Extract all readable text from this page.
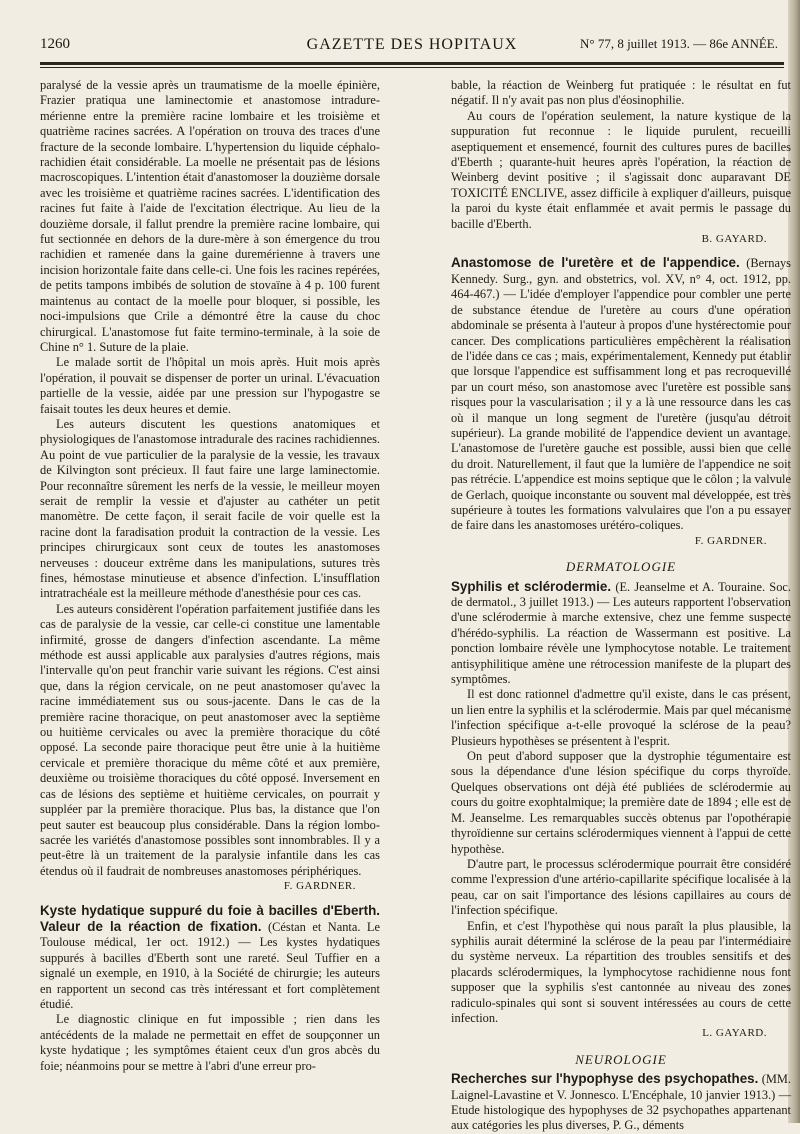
GAZETTE DES HOPITAUX
1260	N° 77, 8 juillet 1913. — 86e ANNÉE.

paralysé de la vessie après un traumatisme de la moelle épinière, Frazier pratiqua une laminectomie et anastomose intradure-mérienne entre la première racine lombaire et les troisième et quatrième racines sacrées. A l'opération on trouva des traces d'une fracture de la seconde lombaire. L'hypertension du liquide céphalo-rachidien était considérable. La moelle ne présentait pas de lésions macroscopiques. L'intention était d'anastomoser la douzième dorsale avec les troisième et quatrième racines sacrées. L'identification des racines fut faite à l'aide de l'excitation électrique. Au lieu de la douzième dorsale, il fallut prendre la première racine lombaire, qui fut sectionnée en dehors de la dure-mère à son émergence du trou rachidien et ramenée dans la gaine duremérienne à travers une incision horizontale faite dans celle-ci. Une fois les racines repérées, de petits tampons imbibés de solution de stovaïne à 4 p. 100 furent maintenus au contact de la moelle pour bloquer, si possible, les noci-impulsions que Crile a démontré être la cause du choc chirurgical. L'anastomose fut faite termino-terminale, à la soie de Chine n° 1. Suture de la plaie.

Le malade sortit de l'hôpital un mois après. Huit mois après l'opération, il pouvait se dispenser de porter un urinal. L'évacuation partielle de la vessie, aidée par une pression sur l'hypogastre se faisait toutes les deux heures et demie.

Les auteurs discutent les questions anatomiques et physiologiques de l'anastomose intradurale des racines rachidiennes. Au point de vue particulier de la paralysie de la vessie, les travaux de Kilvington sont précieux. Il faut faire une large laminectomie. Pour reconnaître sûrement les nerfs de la vessie, le meilleur moyen serait de remplir la vessie et d'ajuster au cathéter un petit manomètre. De cette façon, il serait facile de voir quelle est la racine dont la faradisation produit la contraction de la vessie. Les principes chirurgicaux sont ceux de toutes les anastomoses nerveuses : douceur extrême dans les manipulations, sutures très fines, hémostase minutieuse et absence d'infection. L'insufflation intratrachéale est la meilleure méthode d'anesthésie pour ces cas.

Les auteurs considèrent l'opération parfaitement justifiée dans les cas de paralysie de la vessie, car celle-ci constitue une lamentable infirmité, grosse de dangers d'infection ascendante. La même méthode est aussi applicable aux paralysies d'autres régions, mais l'intervalle qu'on peut franchir varie suivant les régions. C'est ainsi que, dans la région cervicale, on ne peut anastomoser qu'avec la racine immédiatement sus ou sous-jacente. Dans le cas de la première racine thoracique, on peut anastomoser avec la septième ou huitième cervicales ou avec la première thoracique du côté opposé. La seconde paire thoracique peut être unie à la huitième cervicale et première thoracique du même côté et aux première, deuxième ou troisième thoraciques du côté opposé. Inversement en cas de lésions des septième et huitième cervicales, on pourrait y suppléer par la première thoracique. Plus bas, la distance que l'on peut sauter est beaucoup plus considérable. Dans la région lombo-sacrée les variétés d'anastomose possibles sont innombrables. Il y a peut-être là un traitement de la paralysie infantile dans les cas étendus où il faudrait de nombreuses anastomoses périphériques.

F. GARDNER.

Kyste hydatique suppuré du foie à bacilles d'Eberth. Valeur de la réaction de fixation. (Céstan et Nanta. Le Toulouse médical, 1er oct. 1912.) — Les kystes hydatiques suppurés à bacilles d'Eberth sont une rareté. Seul Tuffier en a signalé un exemple, en 1910, à la Société de chirurgie; les auteurs en rapportent un second cas très intéressant et fort complètement étudié.

Le diagnostic clinique en fut impossible ; rien dans les antécédents de la malade ne permettait en effet de soupçonner un kyste hydatique ; les symptômes étaient ceux d'un gros abcès du foie; néanmoins pour se mettre à l'abri d'une erreur pro-

bable, la réaction de Weinberg fut pratiquée : le résultat en fut négatif. Il n'y avait pas non plus d'éosinophilie.

Au cours de l'opération seulement, la nature kystique de la suppuration fut reconnue : le liquide purulent, recueilli aseptiquement et ensemencé, fournit des cultures pures de bacilles d'Eberth ; quarante-huit heures après l'opération, la réaction de Weinberg devint positive ; il s'agissait donc auparavant DE TOXICITÉ ENCLIVE, assez difficile à expliquer d'ailleurs, puisque la paroi du kyste était enflammée et avait permis le passage du bacille d'Eberth.

B. GAYARD.

Anastomose de l'uretère et de l'appendice. (Bernays Kennedy. Surg., gyn. and obstetrics, vol. XV, n° 4, oct. 1912, pp. 464-467.) — L'idée d'employer l'appendice pour combler une perte de substance étendue de l'uretère au cours d'une opération abdominale se présenta à l'auteur à propos d'une hystérectomie pour cancer. Des complications particulières empêchèrent la réalisation de l'idée dans ce cas ; mais, expérimentalement, Kennedy put établir que lorsque l'appendice est suffisamment long et pas recroquevillé par un court méso, son anastomose avec l'uretère est possible sans risques pour la vascularisation ; il y a là une ressource dans les cas où il manque un long segment de l'uretère (jusqu'au détroit supérieur). La grande mobilité de l'appendice devient un avantage. L'anastomose de l'uretère gauche est possible, aussi bien que celle du droit. Naturellement, il faut que la lumière de l'appendice ne soit pas rétrécie. L'appendice est moins septique que le côlon ; la valvule de Gerlach, quoique inconstante ou souvent mal développée, est très supérieure à toutes les formations valvulaires que l'on a pu essayer de faire dans les anastomoses urétéro-coliques.

F. GARDNER.
DERMATOLOGIE

Syphilis et sclérodermie. (E. Jeanselme et A. Touraine. Soc. de dermatol., 3 juillet 1913.) — Les auteurs rapportent l'observation d'une sclérodermie à marche extensive, chez une femme suspecte d'hérédo-syphilis. La réaction de Wassermann est positive. La ponction lombaire révèle une lymphocytose notable. Le traitement antisyphilitique amène une rétrocession manifeste de la plupart des symptômes.

Il est donc rationnel d'admettre qu'il existe, dans le cas présent, un lien entre la syphilis et la sclérodermie. Mais par quel mécanisme l'infection spécifique a-t-elle provoqué la sclérose de la peau? Plusieurs hypothèses se présentent à l'esprit.

On peut d'abord supposer que la dystrophie tégumentaire est sous la dépendance d'une lésion spécifique du corps thyroïde. Quelques observations ont déjà été publiées de sclérodermie au cours du goitre exophtalmique; la première date de 1894 ; elle est de M. Jeanselme. Les remarquables succès obtenus par l'opothérapie thyroïdienne sur certains sclérodermiques viennent à l'appui de cette hypothèse.

D'autre part, le processus sclérodermique pourrait être considéré comme l'expression d'une artério-capillarite spécifique localisée à la peau, car on sait l'importance des lésions capillaires au cours de l'infection spécifique.

Enfin, et c'est l'hypothèse qui nous paraît la plus plausible, la syphilis aurait déterminé la sclérose de la peau par l'intermédiaire du système nerveux. La répartition des troubles sensitifs et des placards sclérodermiques, la lymphocytose rachidienne nous font supposer que la syphilis s'est cantonnée au niveau des zones radiculo-spinales qui sont si souvent intéressées au cours de cette infection.

L. GAYARD.
NEUROLOGIE

Recherches sur l'hypophyse des psychopathes. (MM. Laignel-Lavastine et V. Jonnesco. L'Encéphale, 10 janvier 1913.) — Etude histologique des hypophyses de 32 psychopathes appartenant aux catégories les plus diverses, P. G., déments
